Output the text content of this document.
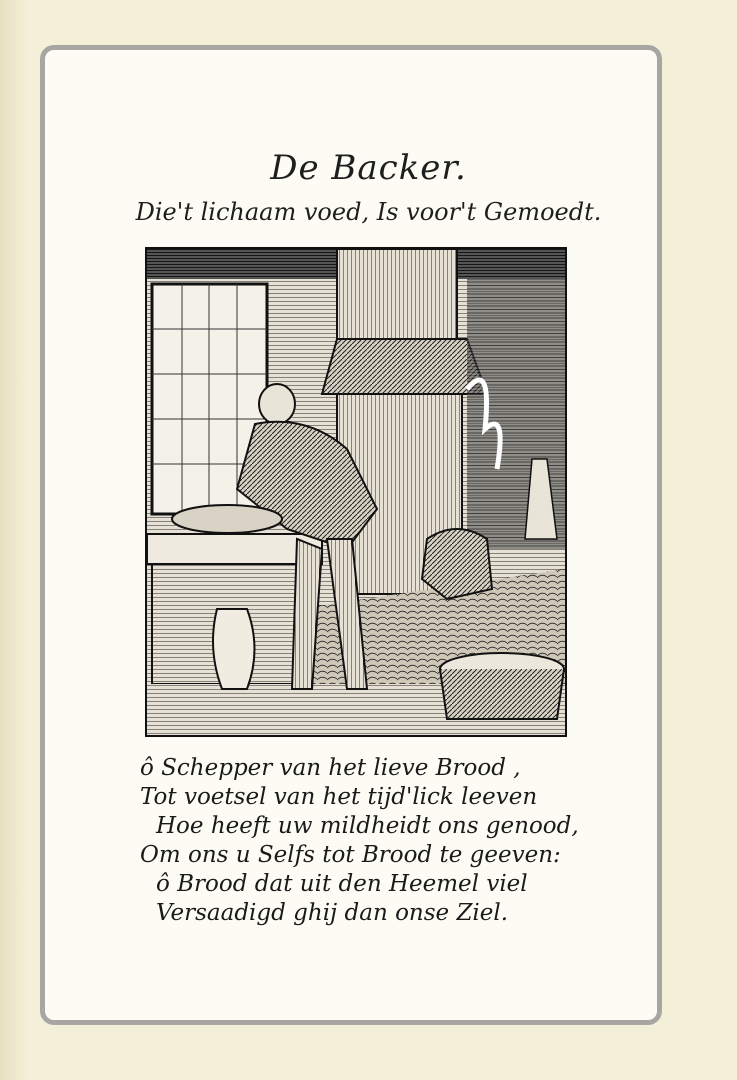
De Backer.
Die't lichaam voed, Is voor't Gemoedt.
ô Schepper van het lieve Brood ,
Tot voetsel van het tijd'lick leeven
Hoe heeft uw mildheidt ons genood,
Om ons u Selfs tot Brood te geeven:
ô Brood dat uit den Heemel viel
Versaadigd ghij dan onse Ziel.
